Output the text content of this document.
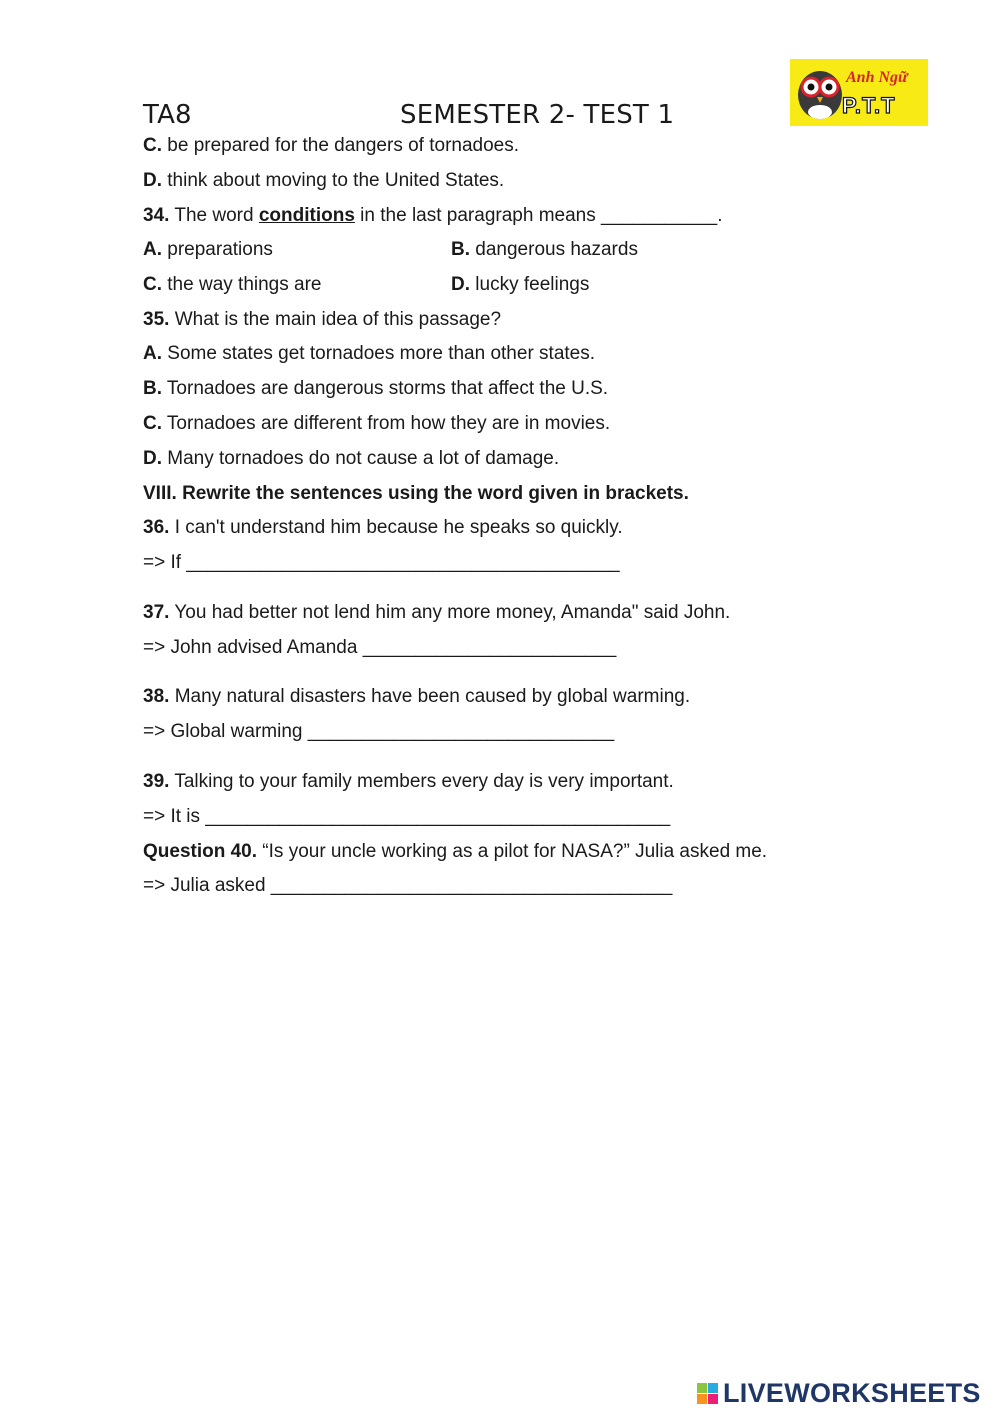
TA8	SEMESTER 2- TEST 1
Anh Ngữ
P.T.T
C. be prepared for the dangers of tornadoes.
D. think about moving to the United States.
34. The word conditions in the last paragraph means ___________.
A. preparations	B. dangerous hazards
C. the way things are	D. lucky feelings
35. What is the main idea of this passage?
A. Some states get tornadoes more than other states.
B. Tornadoes are dangerous storms that affect the U.S.
C. Tornadoes are different from how they are in movies.
D. Many tornadoes do not cause a lot of damage.
VIII. Rewrite the sentences using the word given in brackets.
36. I can't understand him because he speaks so quickly.
=> If _________________________________________
37. You had better not lend him any more money, Amanda" said John.
=> John advised Amanda ________________________
38. Many natural disasters have been caused by global warming.
=> Global warming _____________________________
39. Talking to your family members every day is very important.
=> It is ____________________________________________
Question 40. “Is your uncle working as a pilot for NASA?” Julia asked me.
=> Julia asked ______________________________________
LIVEWORKSHEETS
